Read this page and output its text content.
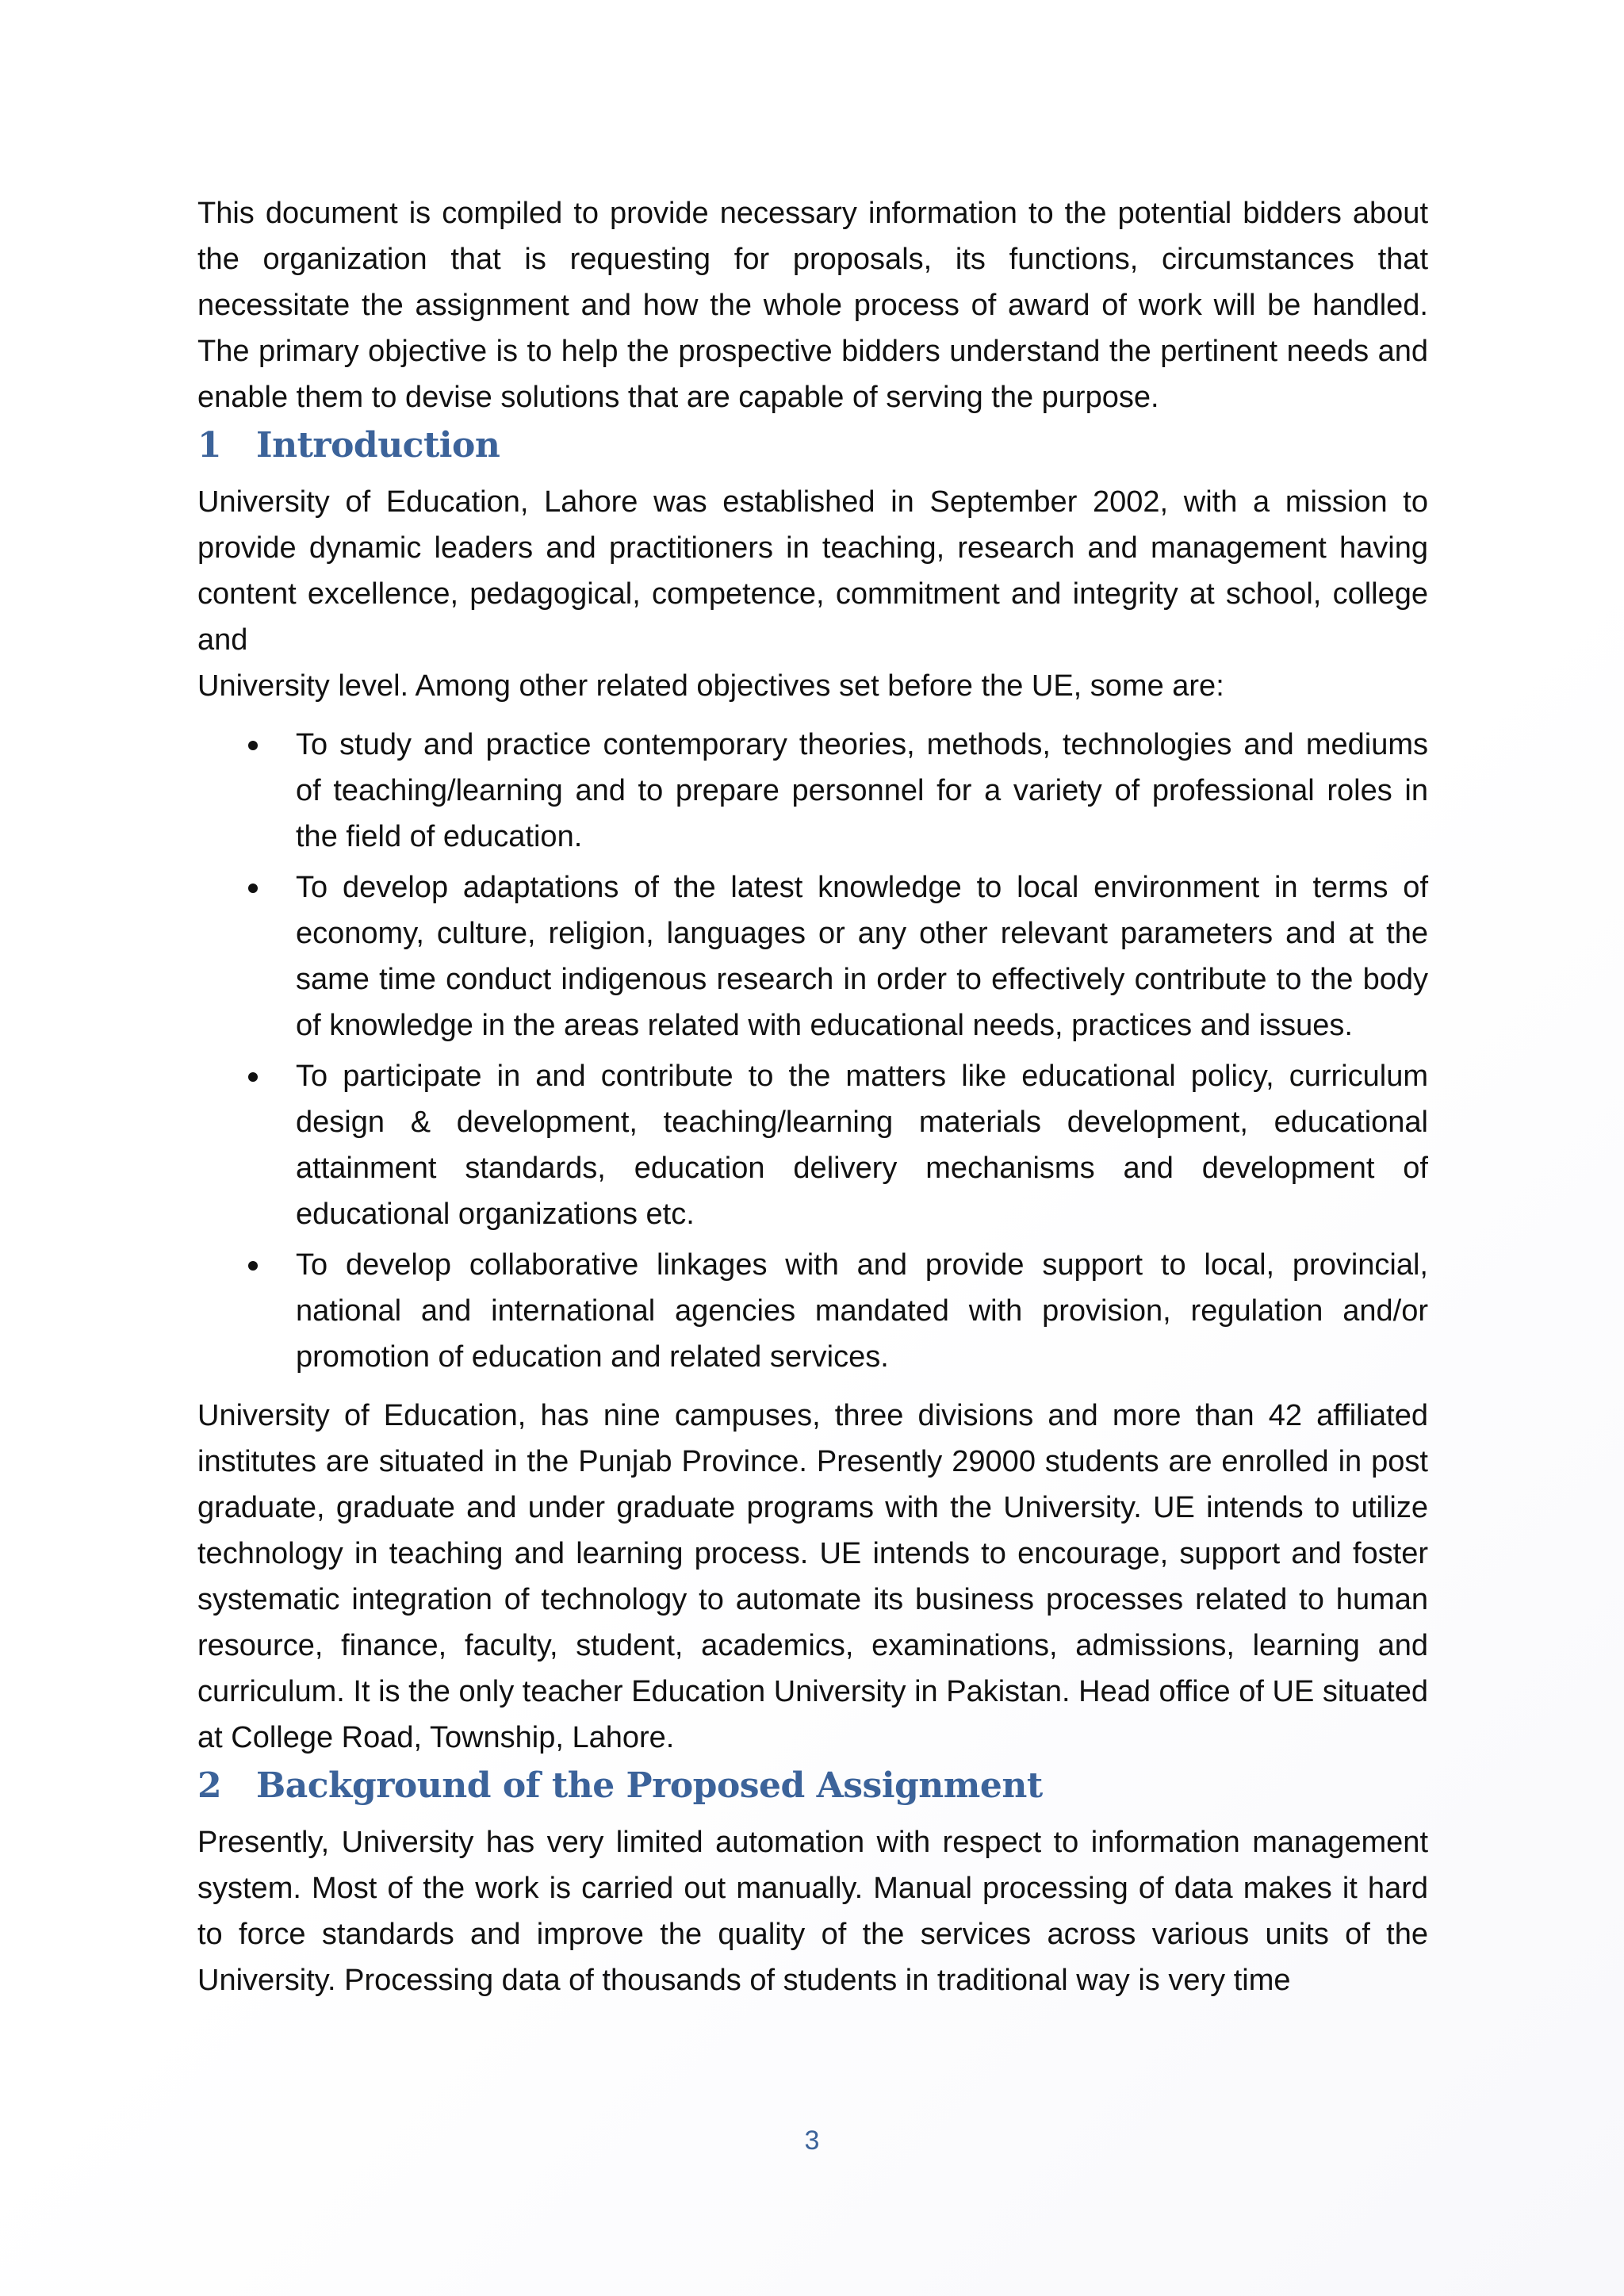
This document is compiled to provide necessary information to the potential bidders about the organization that is requesting for proposals, its functions, circumstances that necessitate the assignment and how the whole process of award of work will be handled. The primary objective is to help the prospective bidders understand the pertinent needs and enable them to devise solutions that are capable of serving the purpose.

1 Introduction

University of Education, Lahore was established in September 2002, with a mission to provide dynamic leaders and practitioners in teaching, research and management having content excellence, pedagogical, competence, commitment and integrity at school, college and

University level. Among other related objectives set before the UE, some are:

To study and practice contemporary theories, methods, technologies and mediums of teaching/learning and to prepare personnel for a variety of professional roles in the field of education.

To develop adaptations of the latest knowledge to local environment in terms of economy, culture, religion, languages or any other relevant parameters and at the same time conduct indigenous research in order to effectively contribute to the body of knowledge in the areas related with educational needs, practices and issues.

To participate in and contribute to the matters like educational policy, curriculum design & development, teaching/learning materials development, educational attainment standards, education delivery mechanisms and development of educational organizations etc.

To develop collaborative linkages with and provide support to local, provincial, national and international agencies mandated with provision, regulation and/or promotion of education and related services.

University of Education, has nine campuses, three divisions and more than 42 affiliated institutes are situated in the Punjab Province. Presently 29000 students are enrolled in post graduate, graduate and under graduate programs with the University. UE intends to utilize technology in teaching and learning process. UE intends to encourage, support and foster systematic integration of technology to automate its business processes related to human resource, finance, faculty, student, academics, examinations, admissions, learning and curriculum. It is the only teacher Education University in Pakistan. Head office of UE situated at College Road, Township, Lahore.

2 Background of the Proposed Assignment

Presently, University has very limited automation with respect to information management system. Most of the work is carried out manually. Manual processing of data makes it hard to force standards and improve the quality of the services across various units of the University. Processing data of thousands of students in traditional way is very time

3
